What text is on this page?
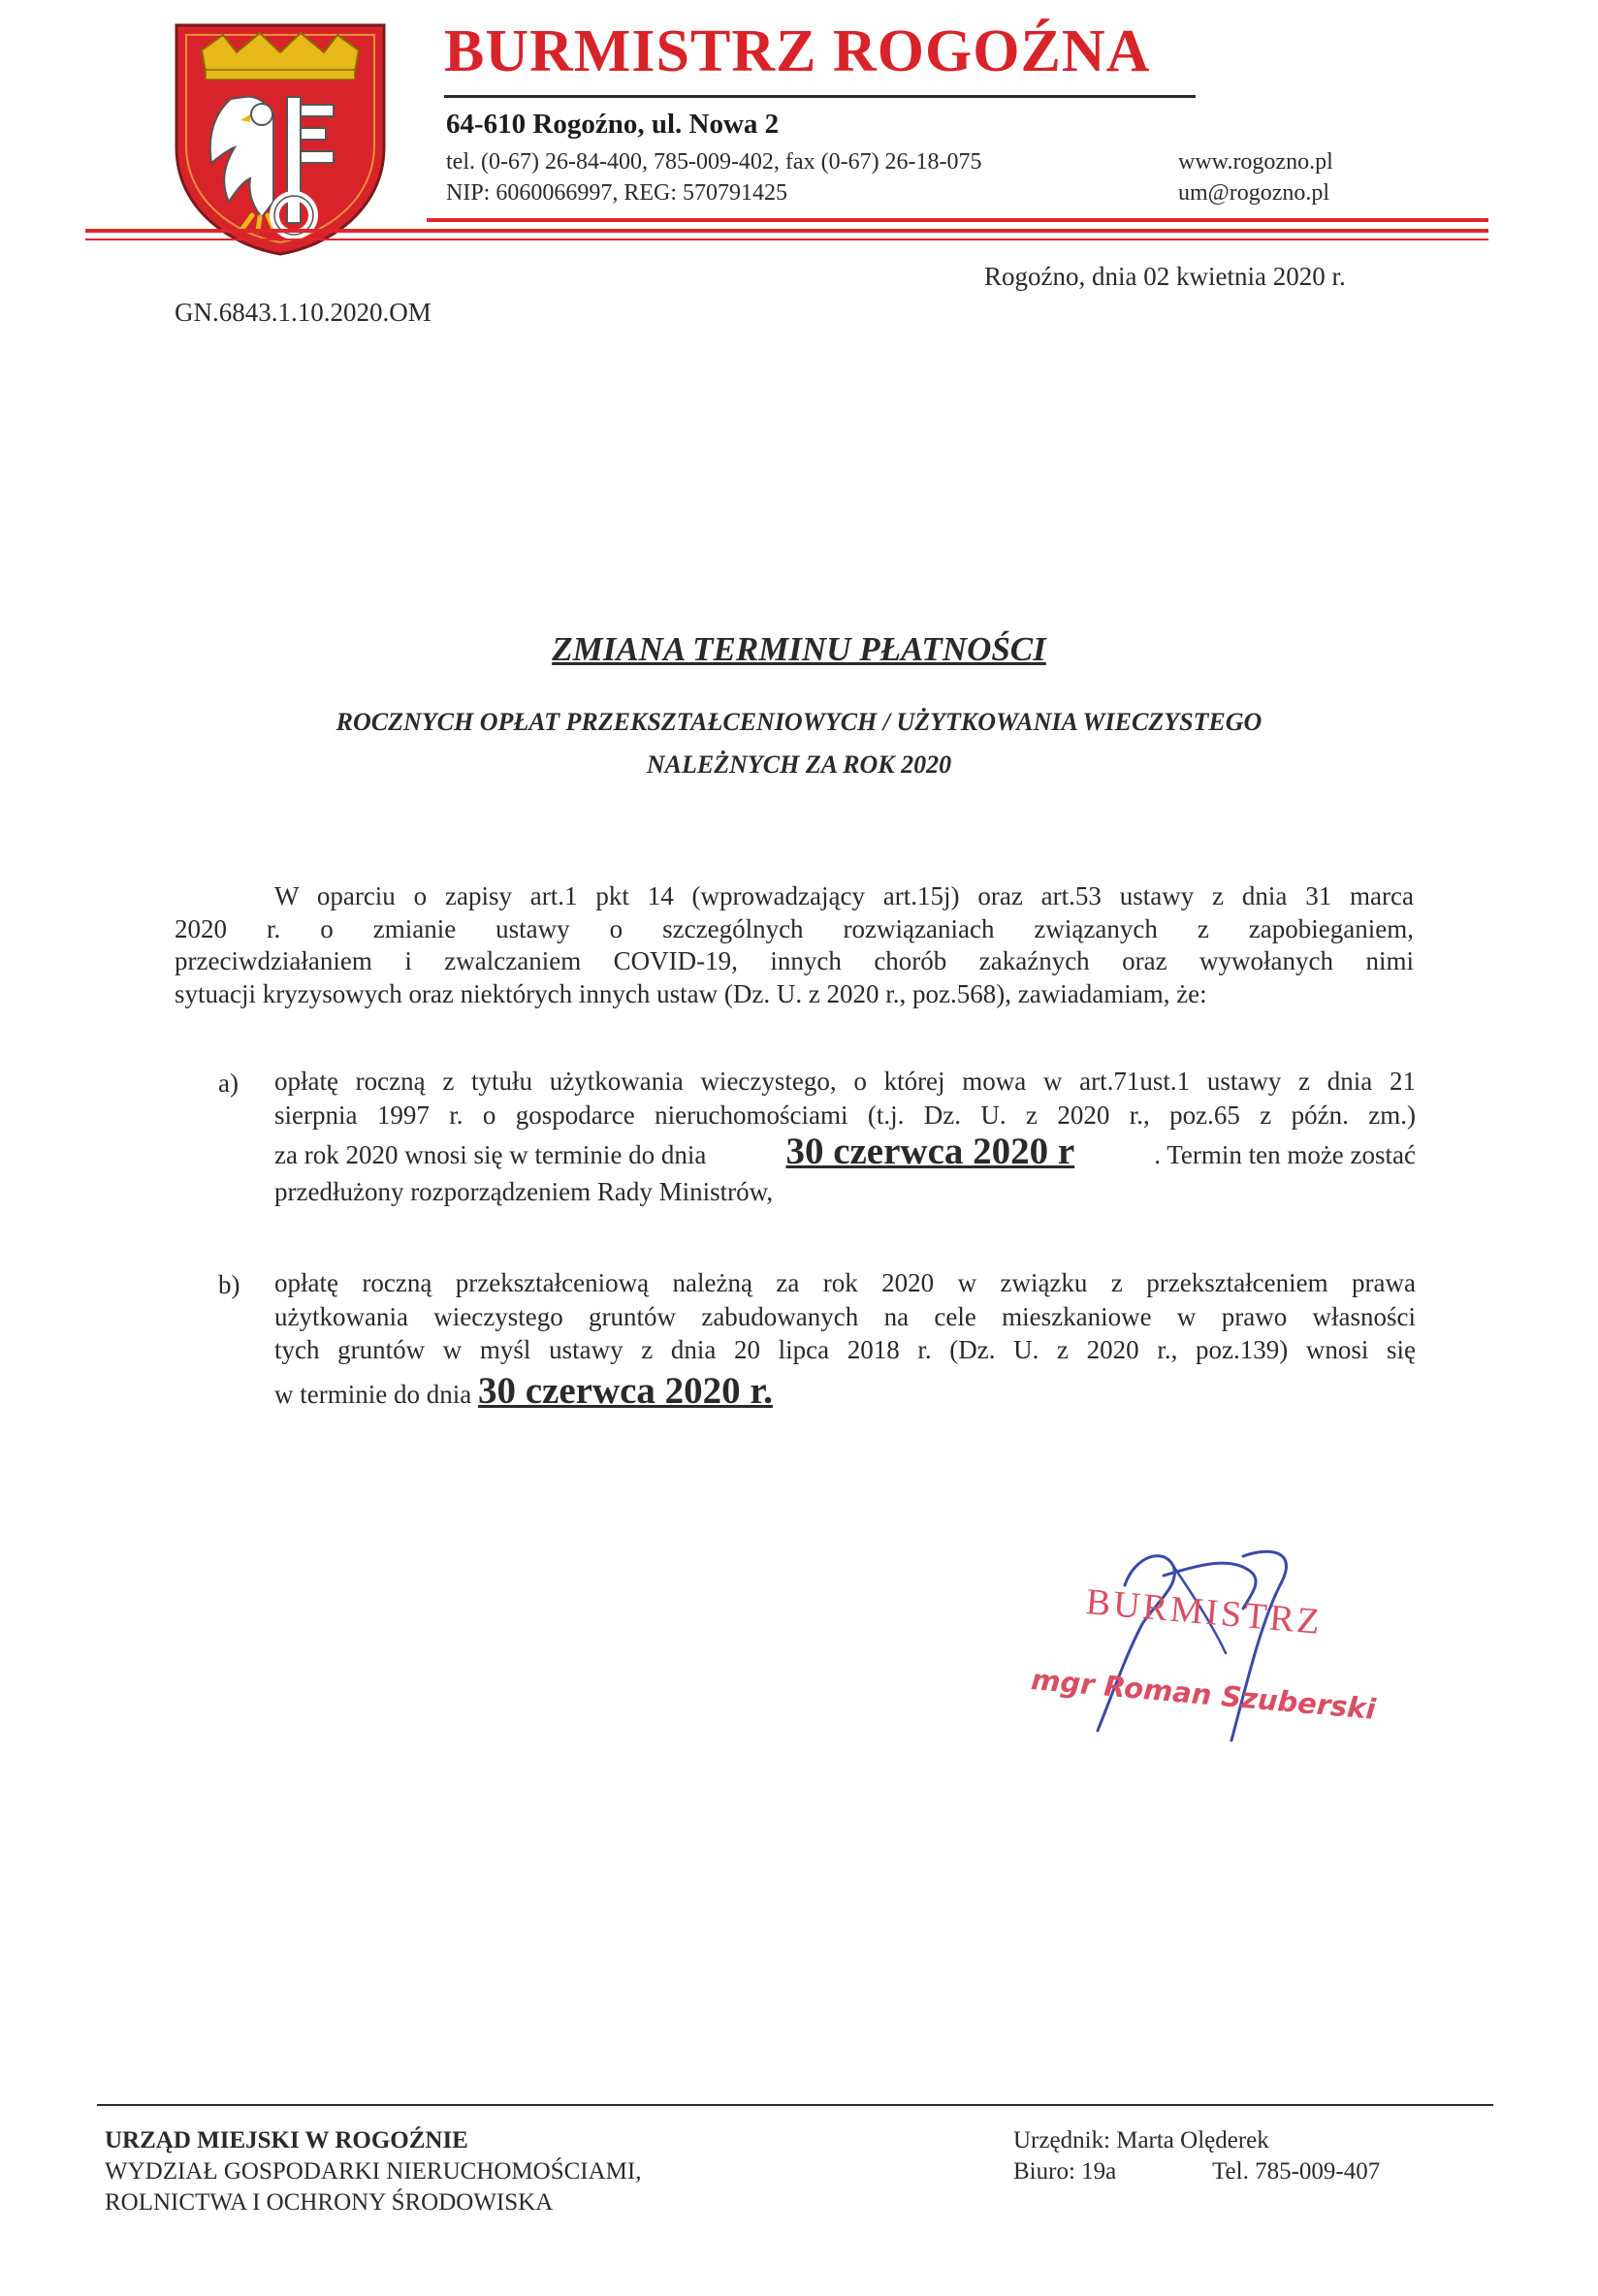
BURMISTRZ ROGOŹNA
64-610 Rogoźno, ul. Nowa 2
tel. (0-67) 26-84-400, 785-009-402, fax (0-67) 26-18-075
NIP: 6060066997, REG: 570791425
www.rogozno.pl
um@rogozno.pl
Rogoźno, dnia 02 kwietnia 2020 r.
GN.6843.1.10.2020.OM
ZMIANA TERMINU PŁATNOŚCI
ROCZNYCH OPŁAT PRZEKSZTAŁCENIOWYCH / UŻYTKOWANIA WIECZYSTEGO
NALEŻNYCH ZA ROK 2020
W oparciu o zapisy art.1 pkt 14 (wprowadzający art.15j) oraz art.53 ustawy z dnia 31 marca
2020 r. o zmianie ustawy o szczególnych rozwiązaniach związanych z zapobieganiem,
przeciwdziałaniem i zwalczaniem COVID-19, innych chorób zakaźnych oraz wywołanych nimi
sytuacji kryzysowych oraz niektórych innych ustaw (Dz. U. z 2020 r., poz.568), zawiadamiam, że:
a) opłatę roczną z tytułu użytkowania wieczystego, o której mowa w art.71ust.1 ustawy z dnia 21
sierpnia 1997 r. o gospodarce nieruchomościami (t.j. Dz. U. z 2020 r., poz.65 z późn. zm.)
za rok 2020 wnosi się w terminie do dnia 30 czerwca 2020 r	. Termin ten może zostać
przedłużony rozporządzeniem Rady Ministrów,
b) opłatę roczną przekształceniową należną za rok 2020 w związku z przekształceniem prawa
użytkowania wieczystego gruntów zabudowanych na cele mieszkaniowe w prawo własności
tych gruntów w myśl ustawy z dnia 20 lipca 2018 r. (Dz. U. z 2020 r., poz.139) wnosi się
w terminie do dnia 30 czerwca 2020 r.
BURMISTRZ
mgr Roman Szuberski
URZĄD MIEJSKI W ROGOŹNIE
WYDZIAŁ GOSPODARKI NIERUCHOMOŚCIAMI,
ROLNICTWA I OCHRONY ŚRODOWISKA
Urzędnik: Marta Olęderek
Biuro: 19a	Tel. 785-009-407
